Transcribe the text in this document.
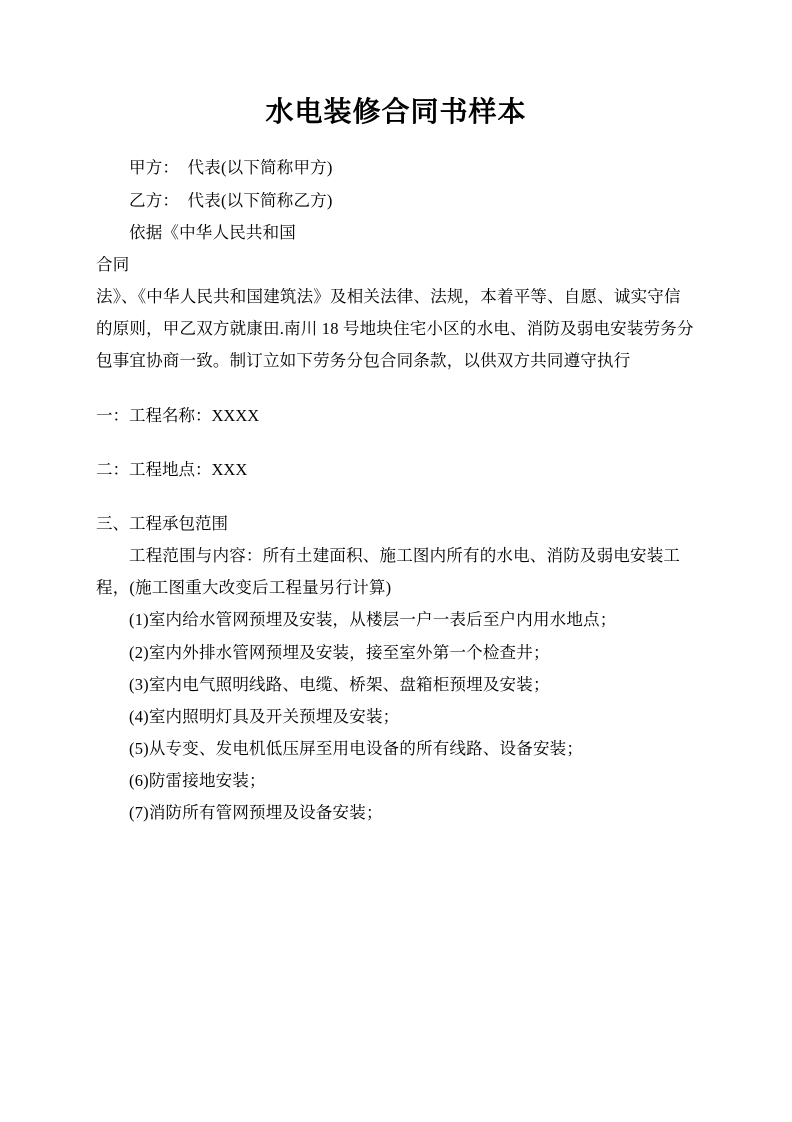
水电装修合同书样本

甲方：　代表(以下简称甲方)

乙方：　代表(以下简称乙方)

依据《中华人民共和国

合同

法》、《中华人民共和国建筑法》及相关法律、法规，本着平等、自愿、诚实守信的原则，甲乙双方就康田.南川 18 号地块住宅小区的水电、消防及弱电安装劳务分包事宜协商一致。制订立如下劳务分包合同条款，以供双方共同遵守执行

一：工程名称：XXXX

二：工程地点：XXX

三、工程承包范围

工程范围与内容：所有土建面积、施工图内所有的水电、消防及弱电安装工程，(施工图重大改变后工程量另行计算)

(1)室内给水管网预埋及安装，从楼层一户一表后至户内用水地点；

(2)室内外排水管网预埋及安装，接至室外第一个检查井；

(3)室内电气照明线路、电缆、桥架、盘箱柜预埋及安装；

(4)室内照明灯具及开关预埋及安装；

(5)从专变、发电机低压屏至用电设备的所有线路、设备安装；

(6)防雷接地安装；

(7)消防所有管网预埋及设备安装；
